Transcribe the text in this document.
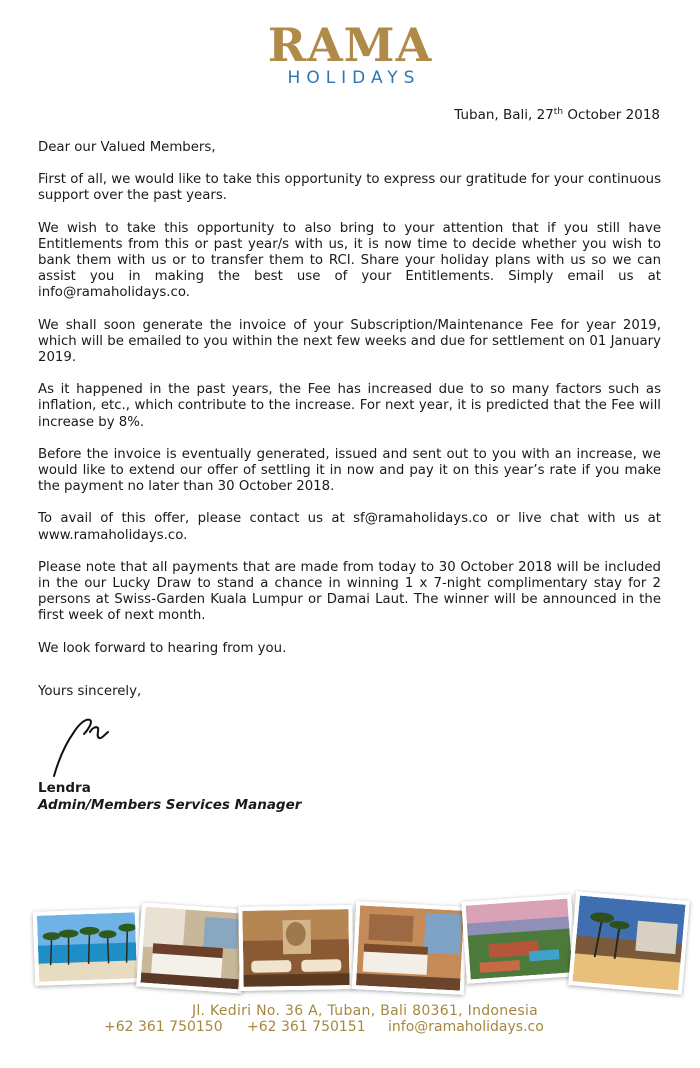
RAMA
HOLIDAYS
Tuban, Bali, 27th October 2018

Dear our Valued Members,

First of all, we would like to take this opportunity to express our gratitude for your continuous support over the past years.

We wish to take this opportunity to also bring to your attention that if you still have Entitlements from this or past year/s with us, it is now time to decide whether you wish to bank them with us or to transfer them to RCI. Share your holiday plans with us so we can assist you in making the best use of your Entitlements. Simply email us at info@ramaholidays.co.

We shall soon generate the invoice of your Subscription/Maintenance Fee for year 2019, which will be emailed to you within the next few weeks and due for settlement on 01 January 2019.

As it happened in the past years, the Fee has increased due to so many factors such as inflation, etc., which contribute to the increase. For next year, it is predicted that the Fee will increase by 8%.

Before the invoice is eventually generated, issued and sent out to you with an increase, we would like to extend our offer of settling it in now and pay it on this year’s rate if you make the payment no later than 30 October 2018.

To avail of this offer, please contact us at sf@ramaholidays.co or live chat with us at www.ramaholidays.co.

Please note that all payments that are made from today to 30 October 2018 will be included in the our Lucky Draw to stand a chance in winning 1 x 7-night complimentary stay for 2 persons at Swiss-Garden Kuala Lumpur or Damai Laut. The winner will be announced in the first week of next month.

We look forward to hearing from you.

Yours sincerely,
Lendra
Admin/Members Services Manager
Jl. Kediri No. 36 A, Tuban, Bali 80361, Indonesia
+62 361 750150 +62 361 750151 info@ramaholidays.co
